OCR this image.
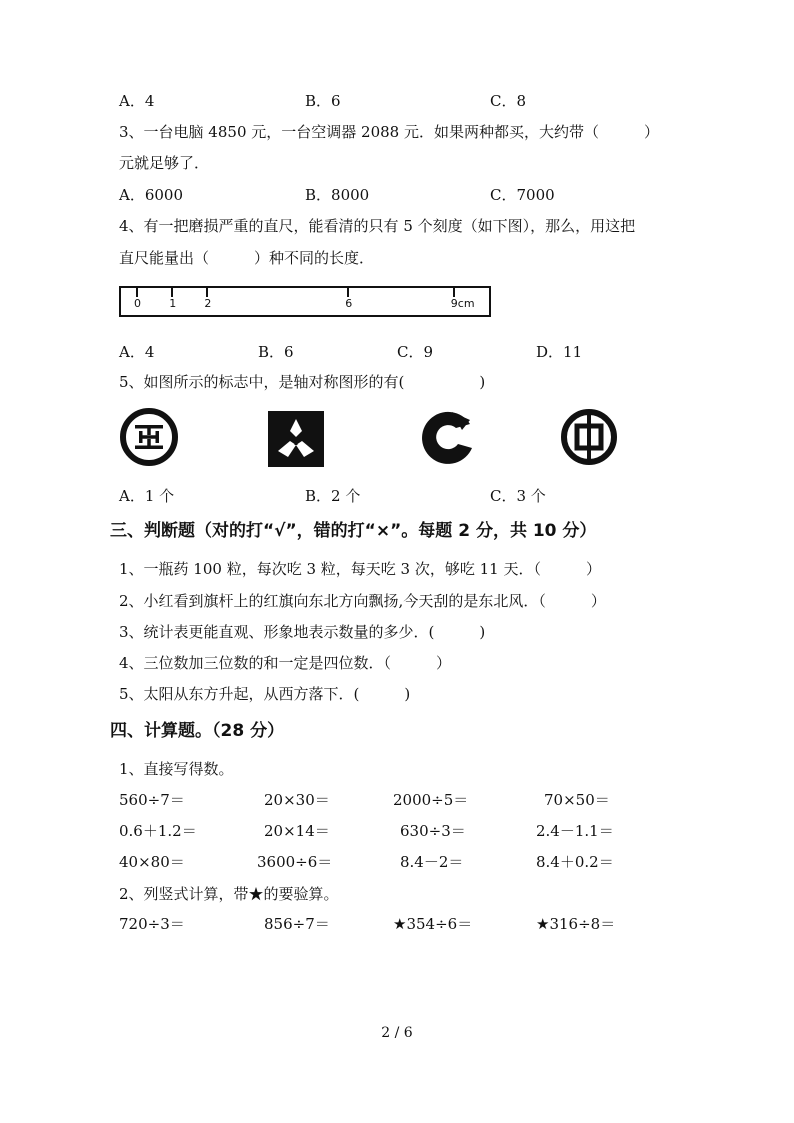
A．4	B．6	C．8
3、一台电脑 4850 元，一台空调器 2088 元．如果两种都买，大约带（　　　）
元就足够了．
A．6000	B．8000	C．7000
4、有一把磨损严重的直尺，能看清的只有 5 个刻度（如下图），那么，用这把
直尺能量出（　　　）种不同的长度．
0	1	2	6	9cm
A．4	B．6	C．9	D．11
5、如图所示的标志中，是轴对称图形的有(　　　　　)
A．1 个	B．2 个	C．3 个
三、判断题（对的打“√”，错的打“×”。每题 2 分，共 10 分）
1、一瓶药 100 粒，每次吃 3 粒，每天吃 3 次，够吃 11 天．（　　　）
2、小红看到旗杆上的红旗向东北方向飘扬,今天刮的是东北风．（　　　）
3、统计表更能直观、形象地表示数量的多少．(　　　)
4、三位数加三位数的和一定是四位数．（　　　）
5、太阳从东方升起，从西方落下．(　　　)
四、计算题。（28 分）
1、直接写得数。
560÷7＝	20×30＝	2000÷5＝	70×50＝
0.6＋1.2＝	20×14＝	630÷3＝	2.4－1.1＝
40×80＝	3600÷6＝	8.4－2＝	8.4＋0.2＝
2、列竖式计算，带★的要验算。
720÷3＝	856÷7＝	★354÷6＝	★316÷8＝
2 / 6
